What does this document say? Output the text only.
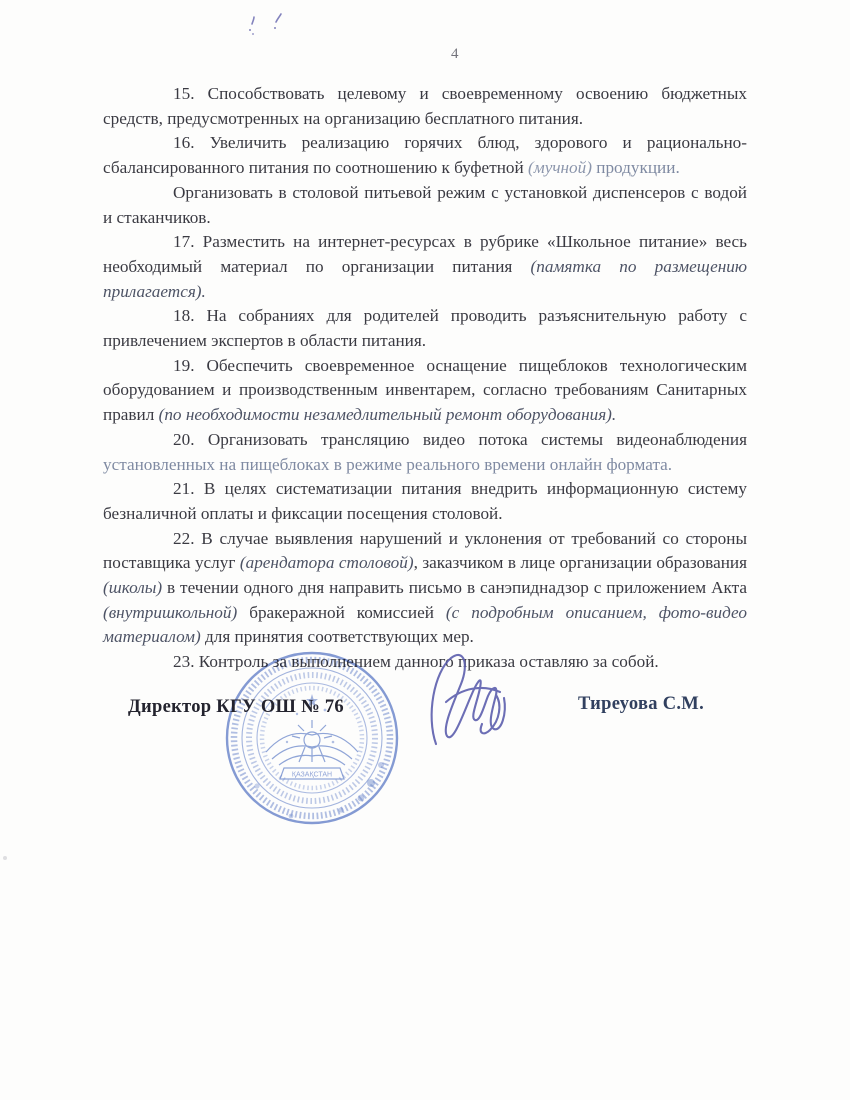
4

15. Способствовать целевому и своевременному освоению бюджетных средств, предусмотренных на организацию бесплатного питания.

16. Увеличить реализацию горячих блюд, здорового и рационально-сбалансированного питания по соотношению к буфетной (мучной) продукции.

Организовать в столовой питьевой режим с установкой диспенсеров с водой и стаканчиков.

17. Разместить на интернет-ресурсах в рубрике «Школьное питание» весь необходимый материал по организации питания (памятка по размещению прилагается).

18. На собраниях для родителей проводить разъяснительную работу с привлечением экспертов в области питания.

19. Обеспечить своевременное оснащение пищеблоков технологическим оборудованием и производственным инвентарем, согласно требованиям Санитарных правил (по необходимости незамедлительный ремонт оборудования).

20. Организовать трансляцию видео потока системы видеонаблюдения установленных на пищеблоках в режиме реального времени онлайн формата.

21. В целях систематизации питания внедрить информационную систему безналичной оплаты и фиксации посещения столовой.

22. В случае выявления нарушений и уклонения от требований со стороны поставщика услуг (арендатора столовой), заказчиком в лице организации образования (школы) в течении одного дня направить письмо в санэпиднадзор с приложением Акта (внутришкольной) бракеражной комиссией (с подробным описанием, фото-видео материалом) для принятия соответствующих мер.

23. Контроль за выполнением данного приказа оставляю за собой.

ҚАЗАҚСТАН
Директор КГУ ОШ № 76	Тиреуова С.М.
